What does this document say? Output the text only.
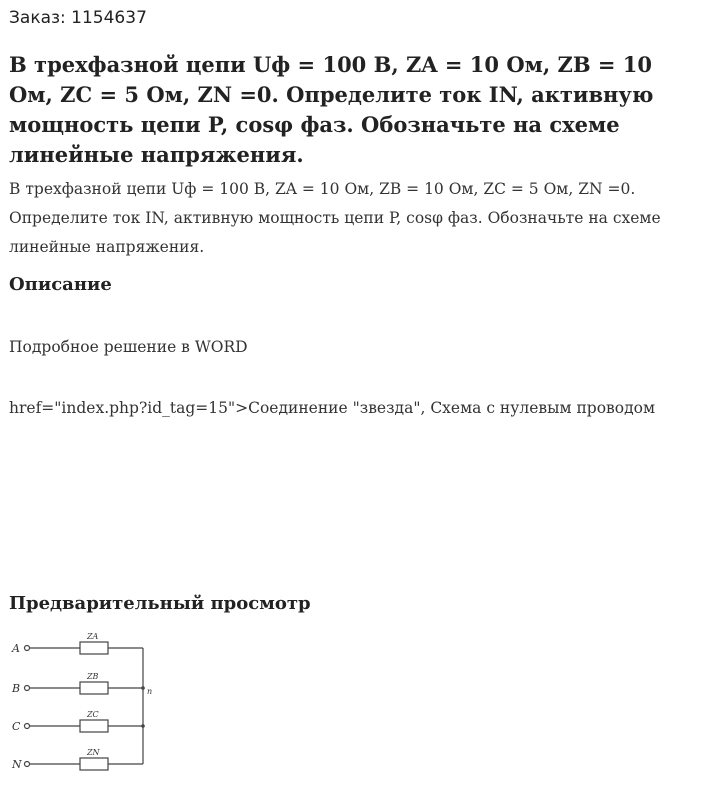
Заказ: 1154637
В трехфазной цепи Uф = 100 В, ZA = 10 Ом, ZB = 10 Ом, ZC = 5 Ом, ZN =0. Определите ток IN, активную мощность цепи P, cosφ фаз. Обозначьте на схеме линейные напряжения.

В трехфазной цепи Uф = 100 В, ZA = 10 Ом, ZB = 10 Ом, ZC = 5 Ом, ZN =0. Определите ток IN, активную мощность цепи P, cosφ фаз. Обозначьте на схеме линейные напряжения.

Описание

Подробное решение в WORD

href="index.php?id_tag=15">Соединение "звезда", Схема с нулевым проводом

Предварительный просмотр
A
B
C
N
ZA
ZB
ZC
ZN
n
